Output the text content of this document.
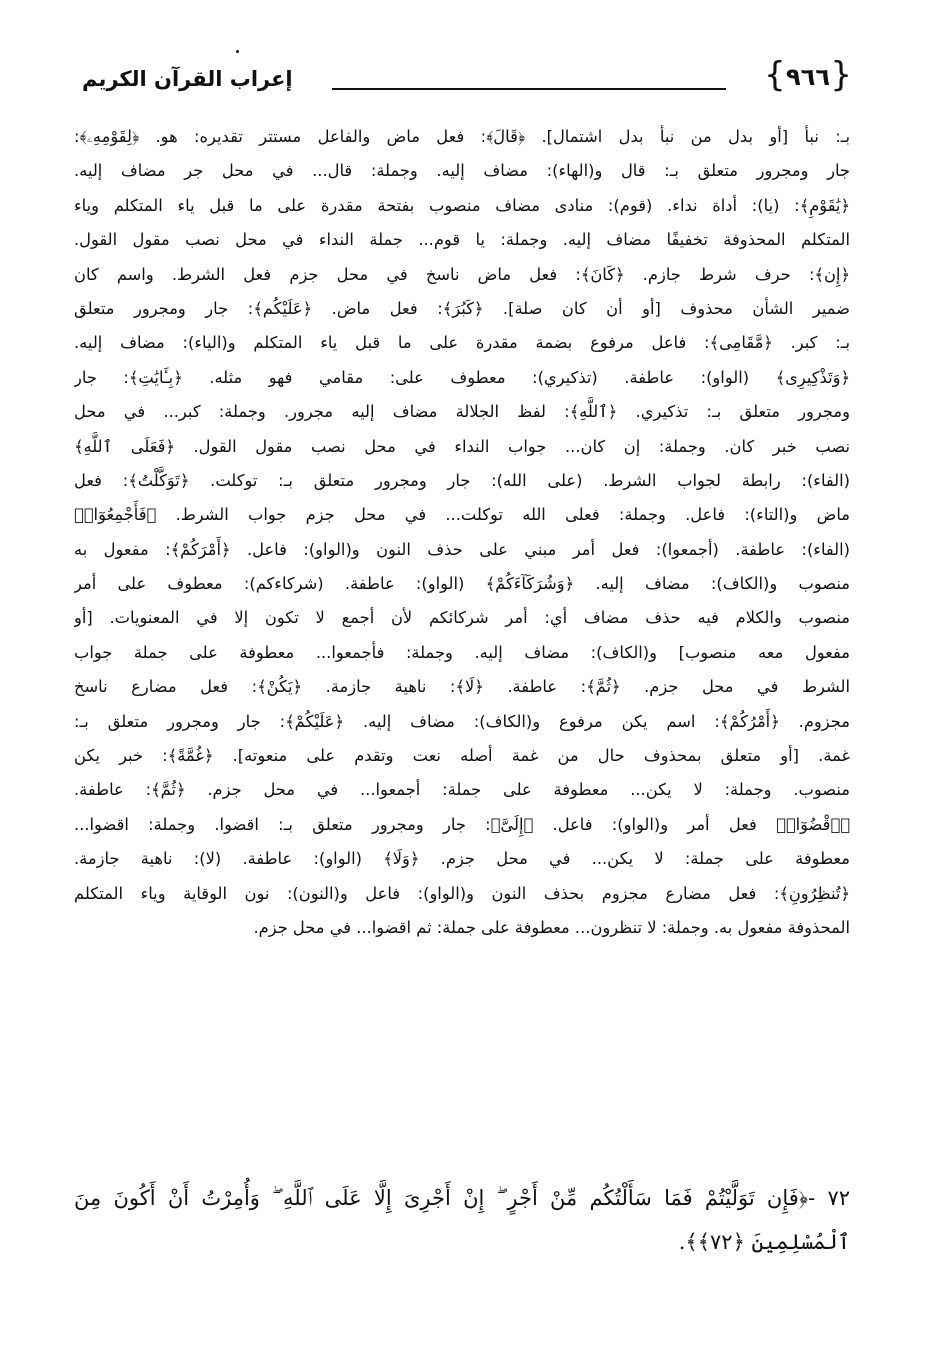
{
٩٦٦
}
إعراب القرآن الكريم
بـ: نبأ [أو بدل من نبأ بدل اشتمال]. ﴿قَالَ﴾: فعل ماض والفاعل مستتر تقديره: هو. ﴿لِقَوْمِهِۦ﴾:
جار ومجرور متعلق بـ: قال و(الهاء): مضاف إليه. وجملة: قال... في محل جر مضاف إليه.
﴿يَٰقَوْمِ﴾: (يا): أداة نداء. (قوم): منادى مضاف منصوب بفتحة مقدرة على ما قبل ياء المتكلم وياء
المتكلم المحذوفة تخفيفًا مضاف إليه. وجملة: يا قوم... جملة النداء في محل نصب مقول القول.
﴿إِن﴾: حرف شرط جازم. ﴿كَانَ﴾: فعل ماض ناسخ في محل جزم فعل الشرط. واسم كان
ضمير الشأن محذوف [أو أن كان صلة]. ﴿كَبُرَ﴾: فعل ماض. ﴿عَلَيْكُم﴾: جار ومجرور متعلق
بـ: كبر. ﴿مَّقَامِى﴾: فاعل مرفوع بضمة مقدرة على ما قبل ياء المتكلم و(الياء): مضاف إليه.
﴿وَتَذْكِيرِى﴾ (الواو): عاطفة. (تذكيري): معطوف على: مقامي فهو مثله. ﴿بِـَٔايَٰتِ﴾: جار
ومجرور متعلق بـ: تذكيري. ﴿ٱللَّهِ﴾: لفظ الجلالة مضاف إليه مجرور. وجملة: كبر... في محل
نصب خبر كان. وجملة: إن كان... جواب النداء في محل نصب مقول القول. ﴿فَعَلَى ٱللَّهِ﴾
(الفاء): رابطة لجواب الشرط. (على الله): جار ومجرور متعلق بـ: توكلت. ﴿تَوَكَّلْتُ﴾: فعل
ماض و(التاء): فاعل. وجملة: فعلى الله توكلت... في محل جزم جواب الشرط. ﴿فَأَجْمِعُوٓا۟﴾
(الفاء): عاطفة. (أجمعوا): فعل أمر مبني على حذف النون و(الواو): فاعل. ﴿أَمْرَكُمْ﴾: مفعول به
منصوب و(الكاف): مضاف إليه. ﴿وَشُرَكَآءَكُمْ﴾ (الواو): عاطفة. (شركاءكم): معطوف على أمر
منصوب والكلام فيه حذف مضاف أي: أمر شركائكم لأن أجمع لا تكون إلا في المعنويات. [أو
مفعول معه منصوب] و(الكاف): مضاف إليه. وجملة: فأجمعوا... معطوفة على جملة جواب
الشرط في محل جزم. ﴿ثُمَّ﴾: عاطفة. ﴿لَا﴾: ناهية جازمة. ﴿يَكُنْ﴾: فعل مضارع ناسخ
مجزوم. ﴿أَمْرُكُمْ﴾: اسم يكن مرفوع و(الكاف): مضاف إليه. ﴿عَلَيْكُمْ﴾: جار ومجرور متعلق بـ:
غمة. [أو متعلق بمحذوف حال من غمة أصله نعت وتقدم على منعوته]. ﴿غُمَّةً﴾: خبر يكن
منصوب. وجملة: لا يكن... معطوفة على جملة: أجمعوا... في محل جزم. ﴿ثُمَّ﴾: عاطفة.
﴿ٱقْضُوٓا۟﴾ فعل أمر و(الواو): فاعل. ﴿إِلَىَّ﴾: جار ومجرور متعلق بـ: اقضوا. وجملة: اقضوا...
معطوفة على جملة: لا يكن... في محل جزم. ﴿وَلَا﴾ (الواو): عاطفة. (لا): ناهية جازمة.
﴿تُنظِرُونِ﴾: فعل مضارع مجزوم بحذف النون و(الواو): فاعل و(النون): نون الوقاية وياء المتكلم
المحذوفة مفعول به. وجملة: لا تنظرون... معطوفة على جملة: ثم اقضوا... في محل جزم.
٧٢ -﴿فَإِن تَوَلَّيْتُمْ فَمَا سَأَلْتُكُم مِّنْ أَجْرٍ ۖ إِنْ أَجْرِىَ إِلَّا عَلَى ٱللَّهِ ۖ وَأُمِرْتُ أَنْ أَكُونَ مِنَ
ٱلْمُسْلِمِينَ ﴿٧٢﴾﴾.
